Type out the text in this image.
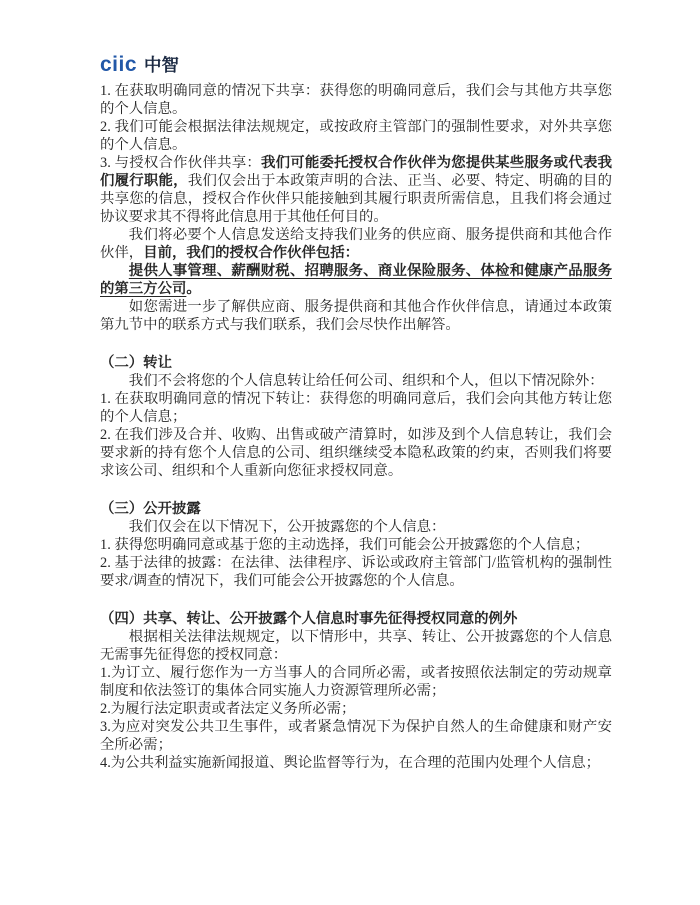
ciic 中智
1. 在获取明确同意的情况下共享：获得您的明确同意后，我们会与其他方共享您的个人信息。
2. 我们可能会根据法律法规规定，或按政府主管部门的强制性要求，对外共享您的个人信息。
3. 与授权合作伙伴共享：我们可能委托授权合作伙伴为您提供某些服务或代表我们履行职能，我们仅会出于本政策声明的合法、正当、必要、特定、明确的目的共享您的信息，授权合作伙伴只能接触到其履行职责所需信息，且我们将会通过协议要求其不得将此信息用于其他任何目的。
我们将必要个人信息发送给支持我们业务的供应商、服务提供商和其他合作伙伴，目前，我们的授权合作伙伴包括：
提供人事管理、薪酬财税、招聘服务、商业保险服务、体检和健康产品服务的第三方公司。
如您需进一步了解供应商、服务提供商和其他合作伙伴信息，请通过本政策第九节中的联系方式与我们联系，我们会尽快作出解答。
（二）转让
我们不会将您的个人信息转让给任何公司、组织和个人，但以下情况除外：
1. 在获取明确同意的情况下转让：获得您的明确同意后，我们会向其他方转让您的个人信息；
2. 在我们涉及合并、收购、出售或破产清算时，如涉及到个人信息转让，我们会要求新的持有您个人信息的公司、组织继续受本隐私政策的约束，否则我们将要求该公司、组织和个人重新向您征求授权同意。
（三）公开披露
我们仅会在以下情况下，公开披露您的个人信息：
1. 获得您明确同意或基于您的主动选择，我们可能会公开披露您的个人信息；
2. 基于法律的披露：在法律、法律程序、诉讼或政府主管部门/监管机构的强制性要求/调查的情况下，我们可能会公开披露您的个人信息。
（四）共享、转让、公开披露个人信息时事先征得授权同意的例外
根据相关法律法规规定，以下情形中，共享、转让、公开披露您的个人信息无需事先征得您的授权同意：
1.为订立、履行您作为一方当事人的合同所必需，或者按照依法制定的劳动规章制度和依法签订的集体合同实施人力资源管理所必需；
2.为履行法定职责或者法定义务所必需；
3.为应对突发公共卫生事件，或者紧急情况下为保护自然人的生命健康和财产安全所必需；
4.为公共利益实施新闻报道、舆论监督等行为，在合理的范围内处理个人信息；
